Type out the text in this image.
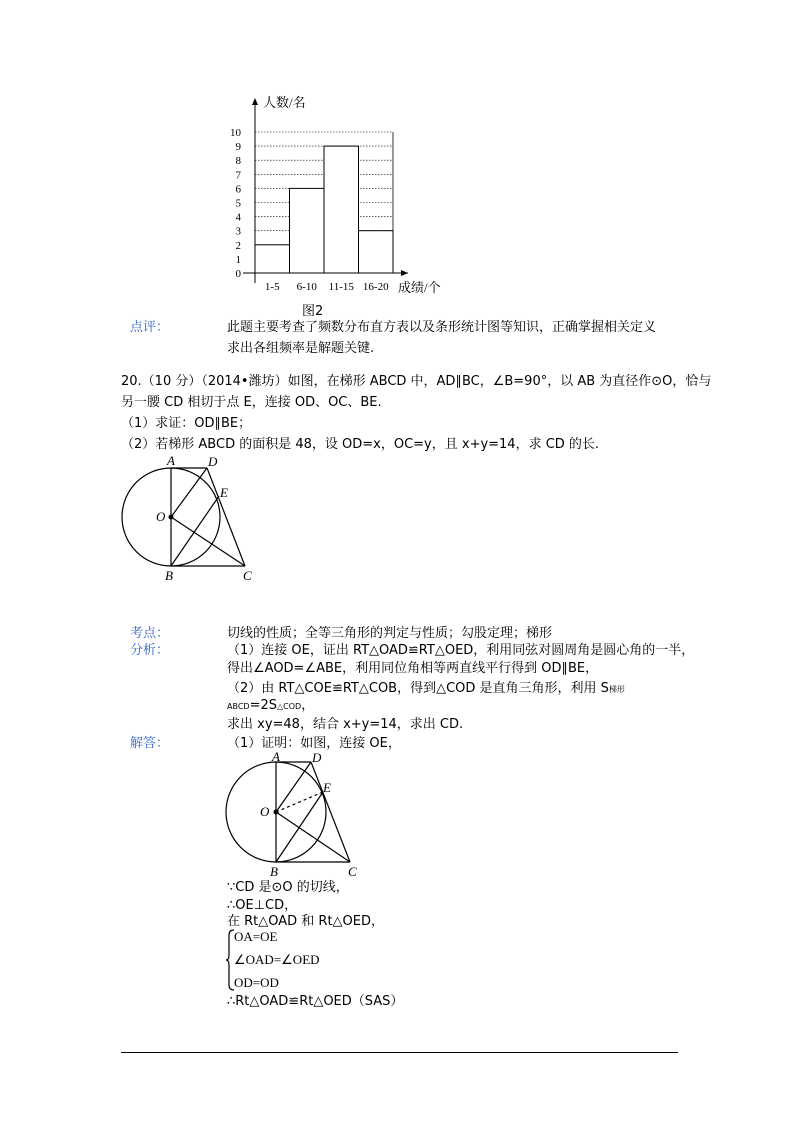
0
1
2
3
4
5
6
7
8
9
10
1-5 6-10 11-15 16-20
人数/名
成绩/个
图2
点评：	此题主要考查了频数分布直方表以及条形统计图等知识，正确掌握相关定义
求出各组频率是解题关键.
20.（10 分）（2014•潍坊）如图，在梯形 ABCD 中，AD∥BC，∠B=90°，以 AB 为直径作⊙O，恰与
另一腰 CD 相切于点 E，连接 OD、OC、BE.
（1）求证：OD∥BE；
（2）若梯形 ABCD 的面积是 48，设 OD=x，OC=y，且 x+y=14，求 CD 的长.
A	D
E
O
B	C
考点：	切线的性质；全等三角形的判定与性质；勾股定理；梯形
分析：	（1）连接 OE，证出 RT△OAD≌RT△OED，利用同弦对圆周角是圆心角的一半，
得出∠AOD=∠ABE，利用同位角相等两直线平行得到 OD∥BE，
（2）由 RT△COE≌RT△COB，得到△COD 是直角三角形，利用 S梯形
ABCD=2S△COD，
求出 xy=48，结合 x+y=14，求出 CD.
解答：	（1）证明：如图，连接 OE，
A D
E
O
B	C
∵CD 是⊙O 的切线，
∴OE⊥CD，
在 Rt△OAD 和 Rt△OED，
OA=OE
∠OAD=∠OED
OD=OD
∴Rt△OAD≌Rt△OED（SAS）
